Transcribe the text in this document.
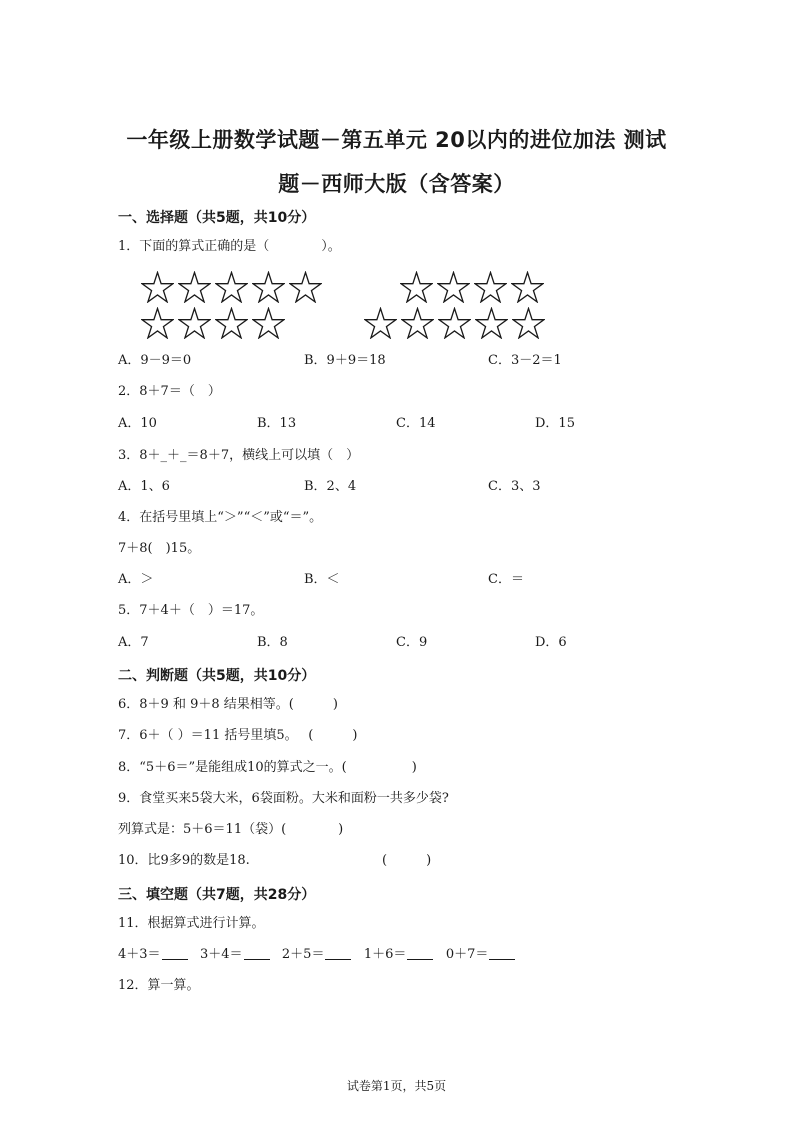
一年级上册数学试题－第五单元 20以内的进位加法 测试
题－西师大版（含答案）
一、选择题（共5题，共10分）
1．下面的算式正确的是（　　　　）。
A．9－9＝0	B．9＋9＝18	C．3－2＝1
2．8＋7＝（　）
A．10	B．13	C．14	D．15
3．8＋_＋_＝8＋7，横线上可以填（　）
A．1、6	B．2、4	C．3、3
4．在括号里填上“＞”“＜”或“＝”。
7＋8(　)15。
A．＞	B．＜	C．＝
5．7＋4＋（　）＝17。
A．7	B．8	C．9	D．6
二、判断题（共5题，共10分）
6．8＋9 和 9＋8 结果相等。(　　　)
7．6＋（ ）＝11 括号里填5。　 (　　　)
8．“5＋6＝”是能组成10的算式之一。(　　　　　)
9．食堂买来5袋大米，6袋面粉。大米和面粉一共多少袋?
列算式是：5＋6＝11（袋）(　　　　)
10．比9多9的数是18.	(　　　)
三、填空题（共7题，共28分）
11．根据算式进行计算。
4＋3＝	3＋4＝	2＋5＝	1＋6＝	0＋7＝
12．算一算。
试卷第1页，共5页
